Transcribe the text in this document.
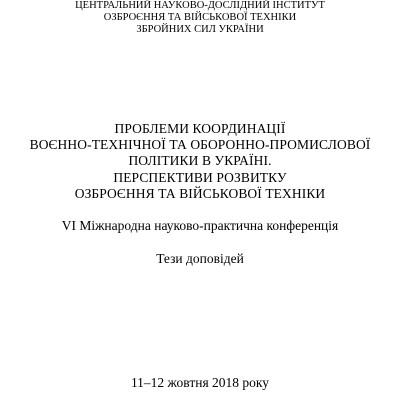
ЦЕНТРАЛЬНИЙ НАУКОВО-ДОСЛІДНИЙ ІНСТИТУТ
ОЗБРОЄННЯ ТА ВІЙСЬКОВОЇ ТЕХНІКИ
ЗБРОЙНИХ СИЛ УКРАЇНИ
ПРОБЛЕМИ КООРДИНАЦІЇ
ВОЄННО-ТЕХНІЧНОЇ ТА ОБОРОННО-ПРОМИСЛОВОЇ
ПОЛІТИКИ В УКРАЇНІ.
ПЕРСПЕКТИВИ РОЗВИТКУ
ОЗБРОЄННЯ ТА ВІЙСЬКОВОЇ ТЕХНІКИ
VI Міжнародна науково-практична конференція
Тези доповідей
11–12 жовтня 2018 року
